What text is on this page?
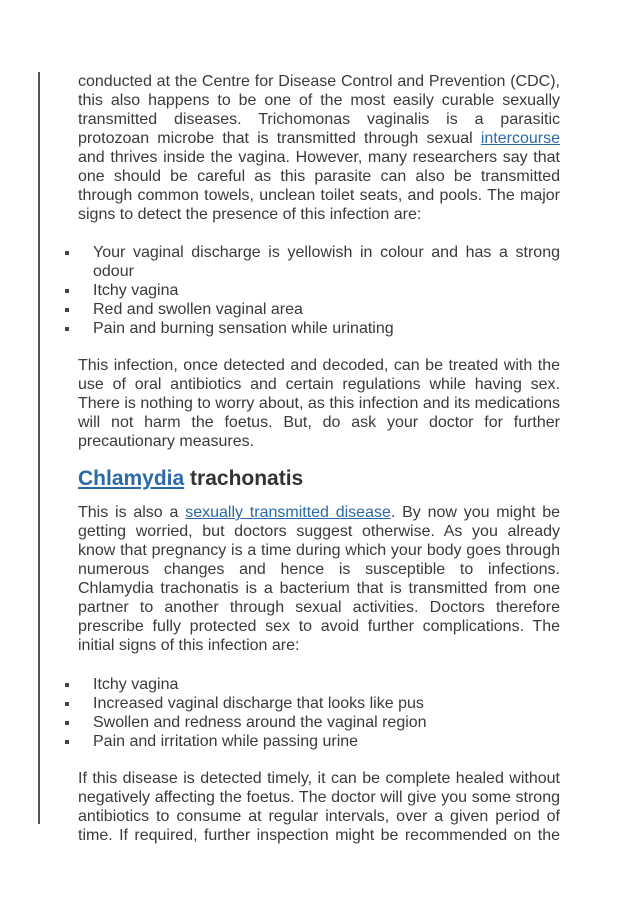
conducted at the Centre for Disease Control and Prevention (CDC), this also happens to be one of the most easily curable sexually transmitted diseases. Trichomonas vaginalis is a parasitic protozoan microbe that is transmitted through sexual intercourse and thrives inside the vagina. However, many researchers say that one should be careful as this parasite can also be transmitted through common towels, unclean toilet seats, and pools. The major signs to detect the presence of this infection are:

Your vaginal discharge is yellowish in colour and has a strong odour
Itchy vagina
Red and swollen vaginal area
Pain and burning sensation while urinating

This infection, once detected and decoded, can be treated with the use of oral antibiotics and certain regulations while having sex. There is nothing to worry about, as this infection and its medications will not harm the foetus. But, do ask your doctor for further precautionary measures.

Chlamydia trachonatis

This is also a sexually transmitted disease. By now you might be getting worried, but doctors suggest otherwise. As you already know that pregnancy is a time during which your body goes through numerous changes and hence is susceptible to infections. Chlamydia trachonatis is a bacterium that is transmitted from one partner to another through sexual activities. Doctors therefore prescribe fully protected sex to avoid further complications. The initial signs of this infection are:

Itchy vagina
Increased vaginal discharge that looks like pus
Swollen and redness around the vaginal region
Pain and irritation while passing urine

If this disease is detected timely, it can be complete healed without negatively affecting the foetus. The doctor will give you some strong antibiotics to consume at regular intervals, over a given period of time. If required, further inspection might be recommended on the
